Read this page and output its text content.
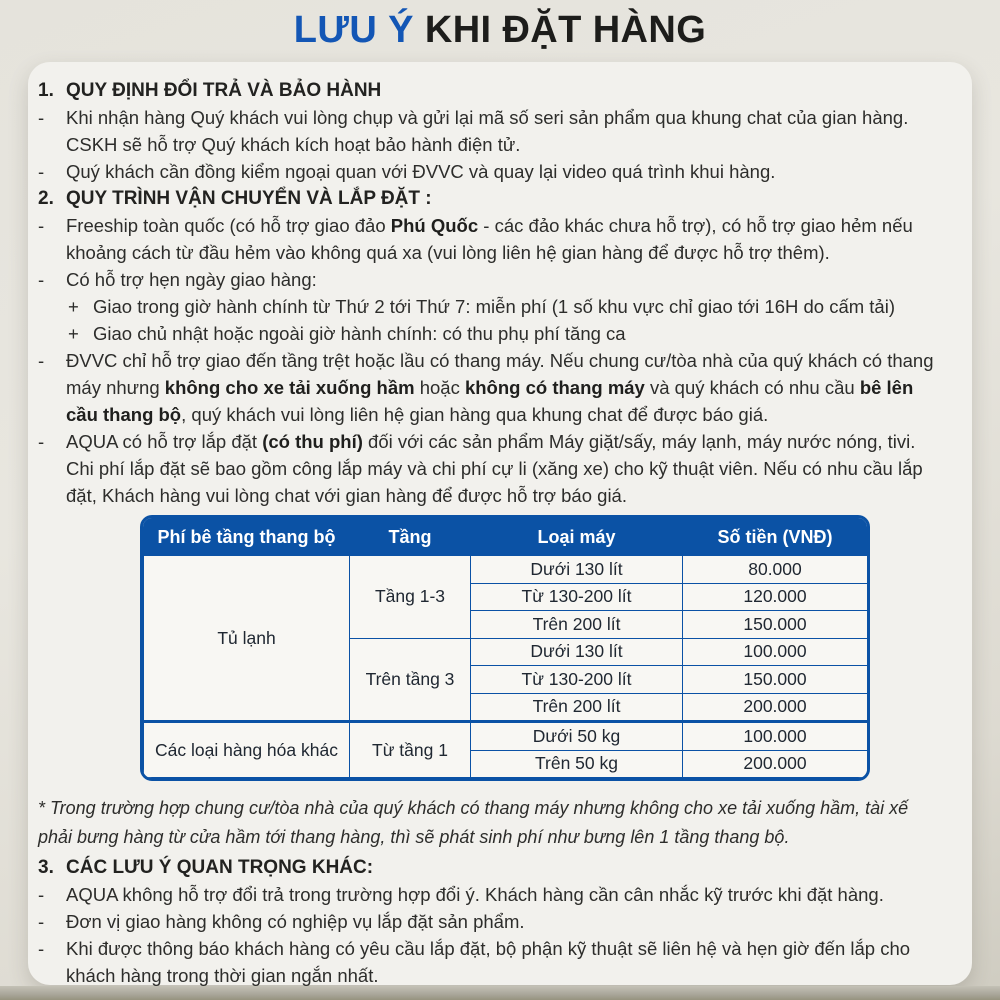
LƯU Ý KHI ĐẶT HÀNG
1. QUY ĐỊNH ĐỔI TRẢ VÀ BẢO HÀNH
-	Khi nhận hàng Quý khách vui lòng chụp và gửi lại mã số seri sản phẩm qua khung chat của gian hàng. CSKH sẽ hỗ trợ Quý khách kích hoạt bảo hành điện tử.
-	Quý khách cần đồng kiểm ngoại quan với ĐVVC và quay lại video quá trình khui hàng.
2. QUY TRÌNH VẬN CHUYỂN VÀ LẮP ĐẶT :
-	Freeship toàn quốc (có hỗ trợ giao đảo Phú Quốc - các đảo khác chưa hỗ trợ), có hỗ trợ giao hẻm nếu khoảng cách từ đầu hẻm vào không quá xa (vui lòng liên hệ gian hàng để được hỗ trợ thêm).
-	Có hỗ trợ hẹn ngày giao hàng:
+ Giao trong giờ hành chính từ Thứ 2 tới Thứ 7: miễn phí (1 số khu vực chỉ giao tới 16H do cấm tải)
+ Giao chủ nhật hoặc ngoài giờ hành chính: có thu phụ phí tăng ca
-	ĐVVC chỉ hỗ trợ giao đến tầng trệt hoặc lầu có thang máy. Nếu chung cư/tòa nhà của quý khách có thang máy nhưng không cho xe tải xuống hầm hoặc không có thang máy và quý khách có nhu cầu bê lên cầu thang bộ, quý khách vui lòng liên hệ gian hàng qua khung chat để được báo giá.
-	AQUA có hỗ trợ lắp đặt (có thu phí) đối với các sản phẩm Máy giặt/sấy, máy lạnh, máy nước nóng, tivi. Chi phí lắp đặt sẽ bao gồm công lắp máy và chi phí cự li (xăng xe) cho kỹ thuật viên. Nếu có nhu cầu lắp đặt, Khách hàng vui lòng chat với gian hàng để được hỗ trợ báo giá.
Phí bê tầng thang bộ	Tầng	Loại máy	Số tiền (VNĐ)
Tủ lạnh	Tầng 1-3	Dưới 130 lít	80.000
		Từ 130-200 lít	120.000
		Trên 200 lít	150.000
	Trên tầng 3	Dưới 130 lít	100.000
		Từ 130-200 lít	150.000
		Trên 200 lít	200.000
Các loại hàng hóa khác	Từ tầng 1	Dưới 50 kg	100.000
		Trên 50 kg	200.000
* Trong trường hợp chung cư/tòa nhà của quý khách có thang máy nhưng không cho xe tải xuống hầm, tài xế phải bưng hàng từ cửa hầm tới thang hàng, thì sẽ phát sinh phí như bưng lên 1 tầng thang bộ.
3. CÁC LƯU Ý QUAN TRỌNG KHÁC:
-	AQUA không hỗ trợ đổi trả trong trường hợp đổi ý. Khách hàng cần cân nhắc kỹ trước khi đặt hàng.
-	Đơn vị giao hàng không có nghiệp vụ lắp đặt sản phẩm.
-	Khi được thông báo khách hàng có yêu cầu lắp đặt, bộ phận kỹ thuật sẽ liên hệ và hẹn giờ đến lắp cho khách hàng trong thời gian ngắn nhất.
